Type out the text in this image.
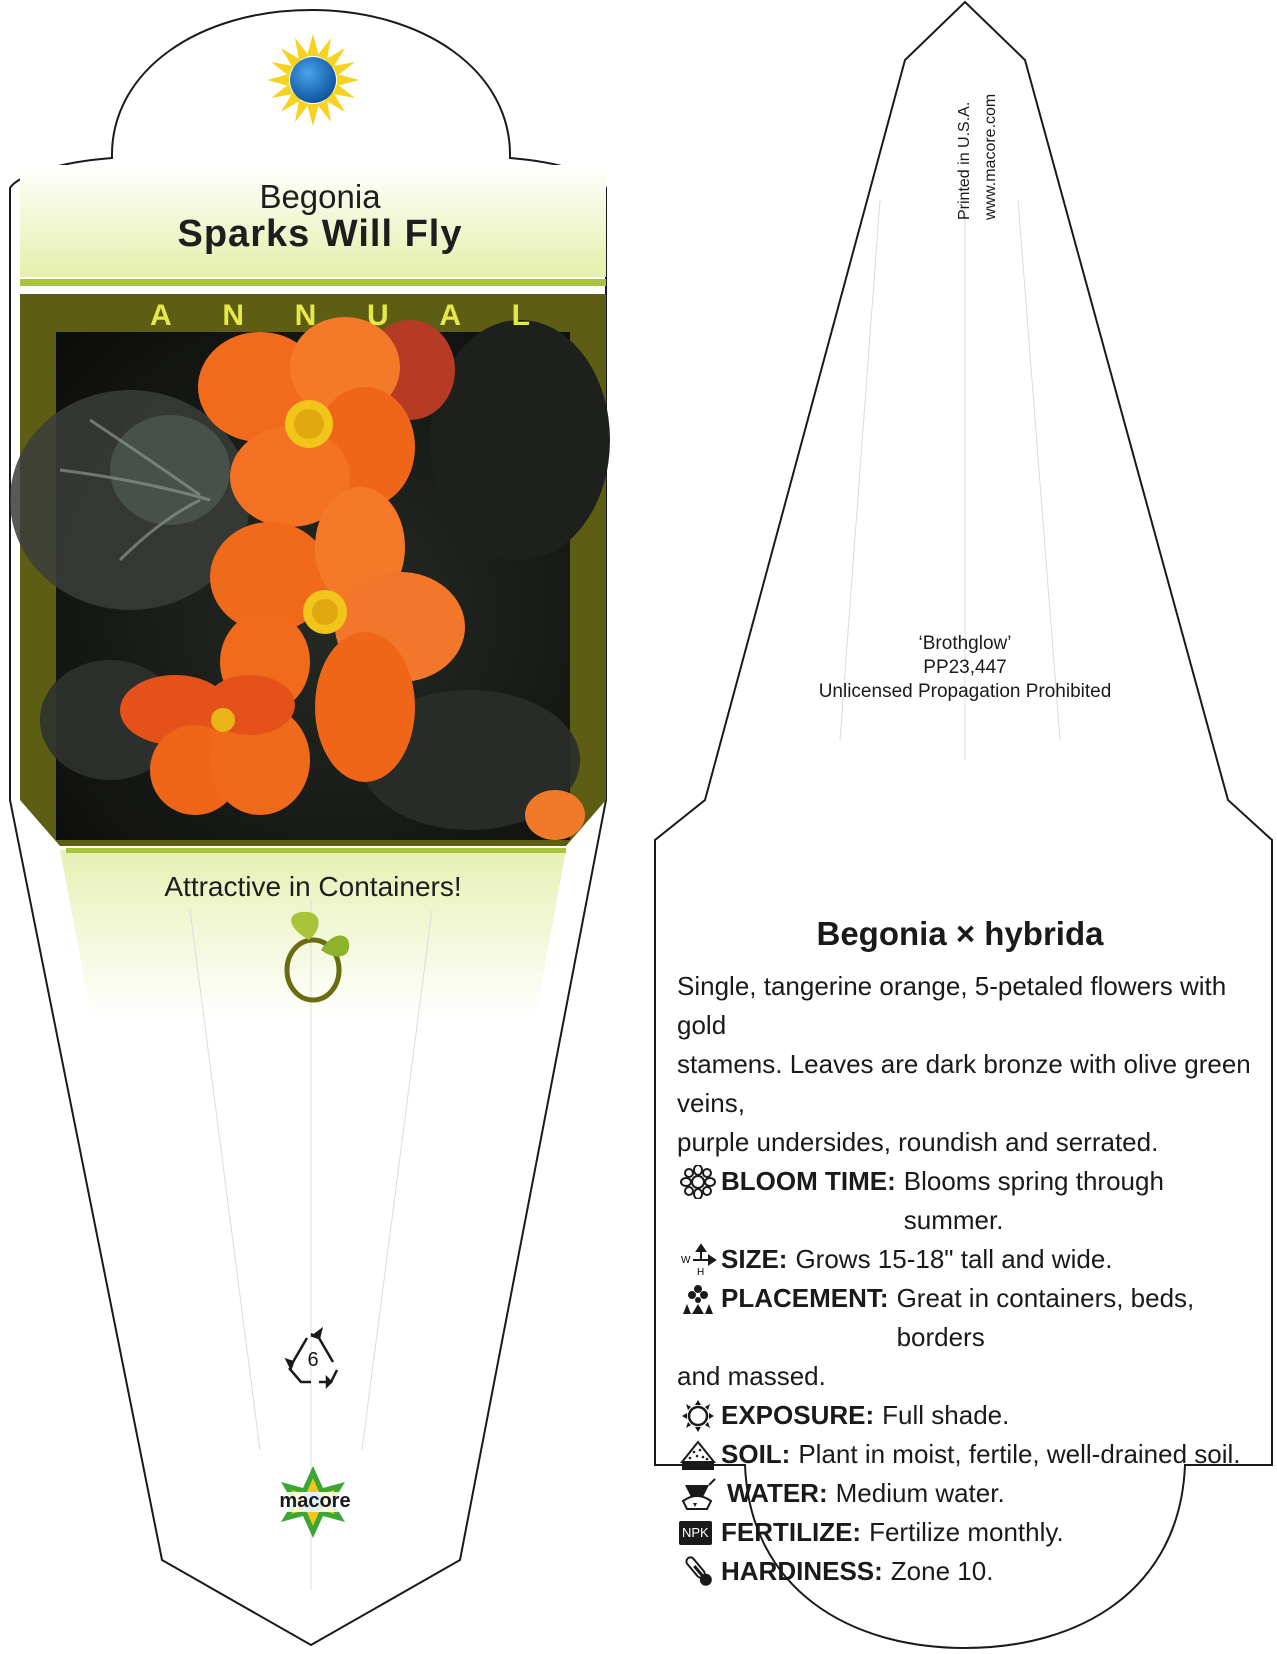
Begonia
Sparks Will Fly
A N N U A L
Attractive in Containers!
6
macore
Printed in U.S.A. www.macore.com
‘Brothglow’
PP23,447
Unlicensed Propagation Prohibited
Begonia × hybrida
Single, tangerine orange, 5-petaled flowers with gold
stamens. Leaves are dark bronze with olive green veins,
purple undersides, roundish and serrated.
BLOOM TIME: Blooms spring through summer.
W
H SIZE: Grows 15-18" tall and wide.
PLACEMENT: Great in containers, beds, borders
and massed.
EXPOSURE: Full shade.
SOIL: Plant in moist, fertile, well-drained soil.
WATER: Medium water.
NPK FERTILIZE: Fertilize monthly.
HARDINESS: Zone 10.
